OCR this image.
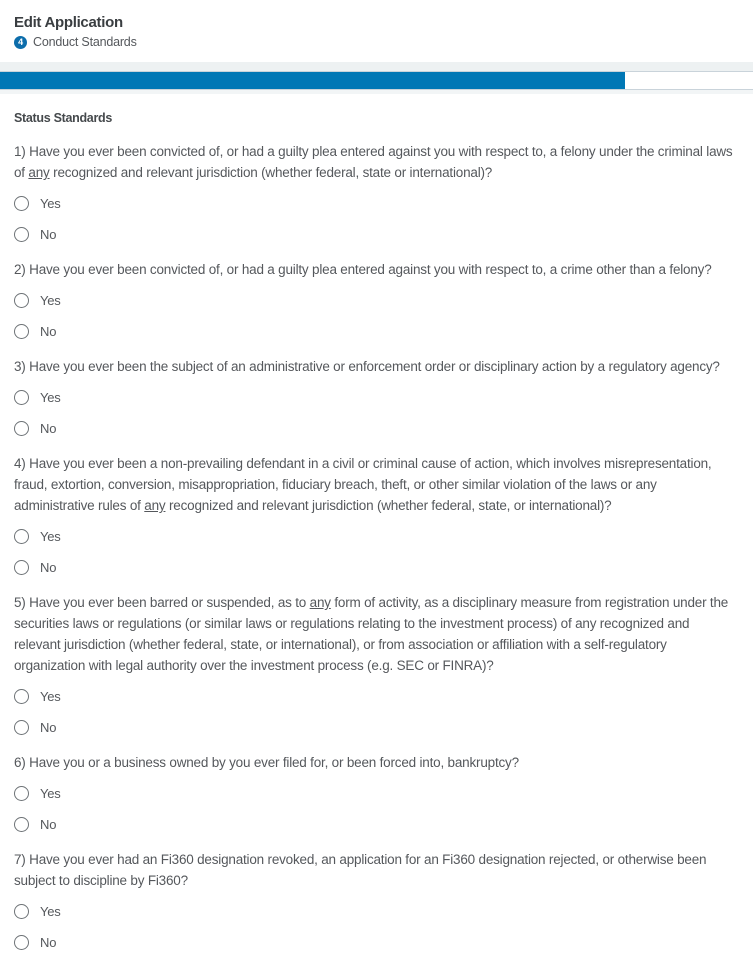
Edit Application
4 Conduct Standards
Status Standards
1) Have you ever been convicted of, or had a guilty plea entered against you with respect to, a felony under the criminal laws of any recognized and relevant jurisdiction (whether federal, state or international)?
Yes
No
2) Have you ever been convicted of, or had a guilty plea entered against you with respect to, a crime other than a felony?
Yes
No
3) Have you ever been the subject of an administrative or enforcement order or disciplinary action by a regulatory agency?
Yes
No
4) Have you ever been a non-prevailing defendant in a civil or criminal cause of action, which involves misrepresentation, fraud, extortion, conversion, misappropriation, fiduciary breach, theft, or other similar violation of the laws or any administrative rules of any recognized and relevant jurisdiction (whether federal, state, or international)?
Yes
No
5) Have you ever been barred or suspended, as to any form of activity, as a disciplinary measure from registration under the securities laws or regulations (or similar laws or regulations relating to the investment process) of any recognized and relevant jurisdiction (whether federal, state, or international), or from association or affiliation with a self-regulatory organization with legal authority over the investment process (e.g. SEC or FINRA)?
Yes
No
6) Have you or a business owned by you ever filed for, or been forced into, bankruptcy?
Yes
No
7) Have you ever had an Fi360 designation revoked, an application for an Fi360 designation rejected, or otherwise been subject to discipline by Fi360?
Yes
No
